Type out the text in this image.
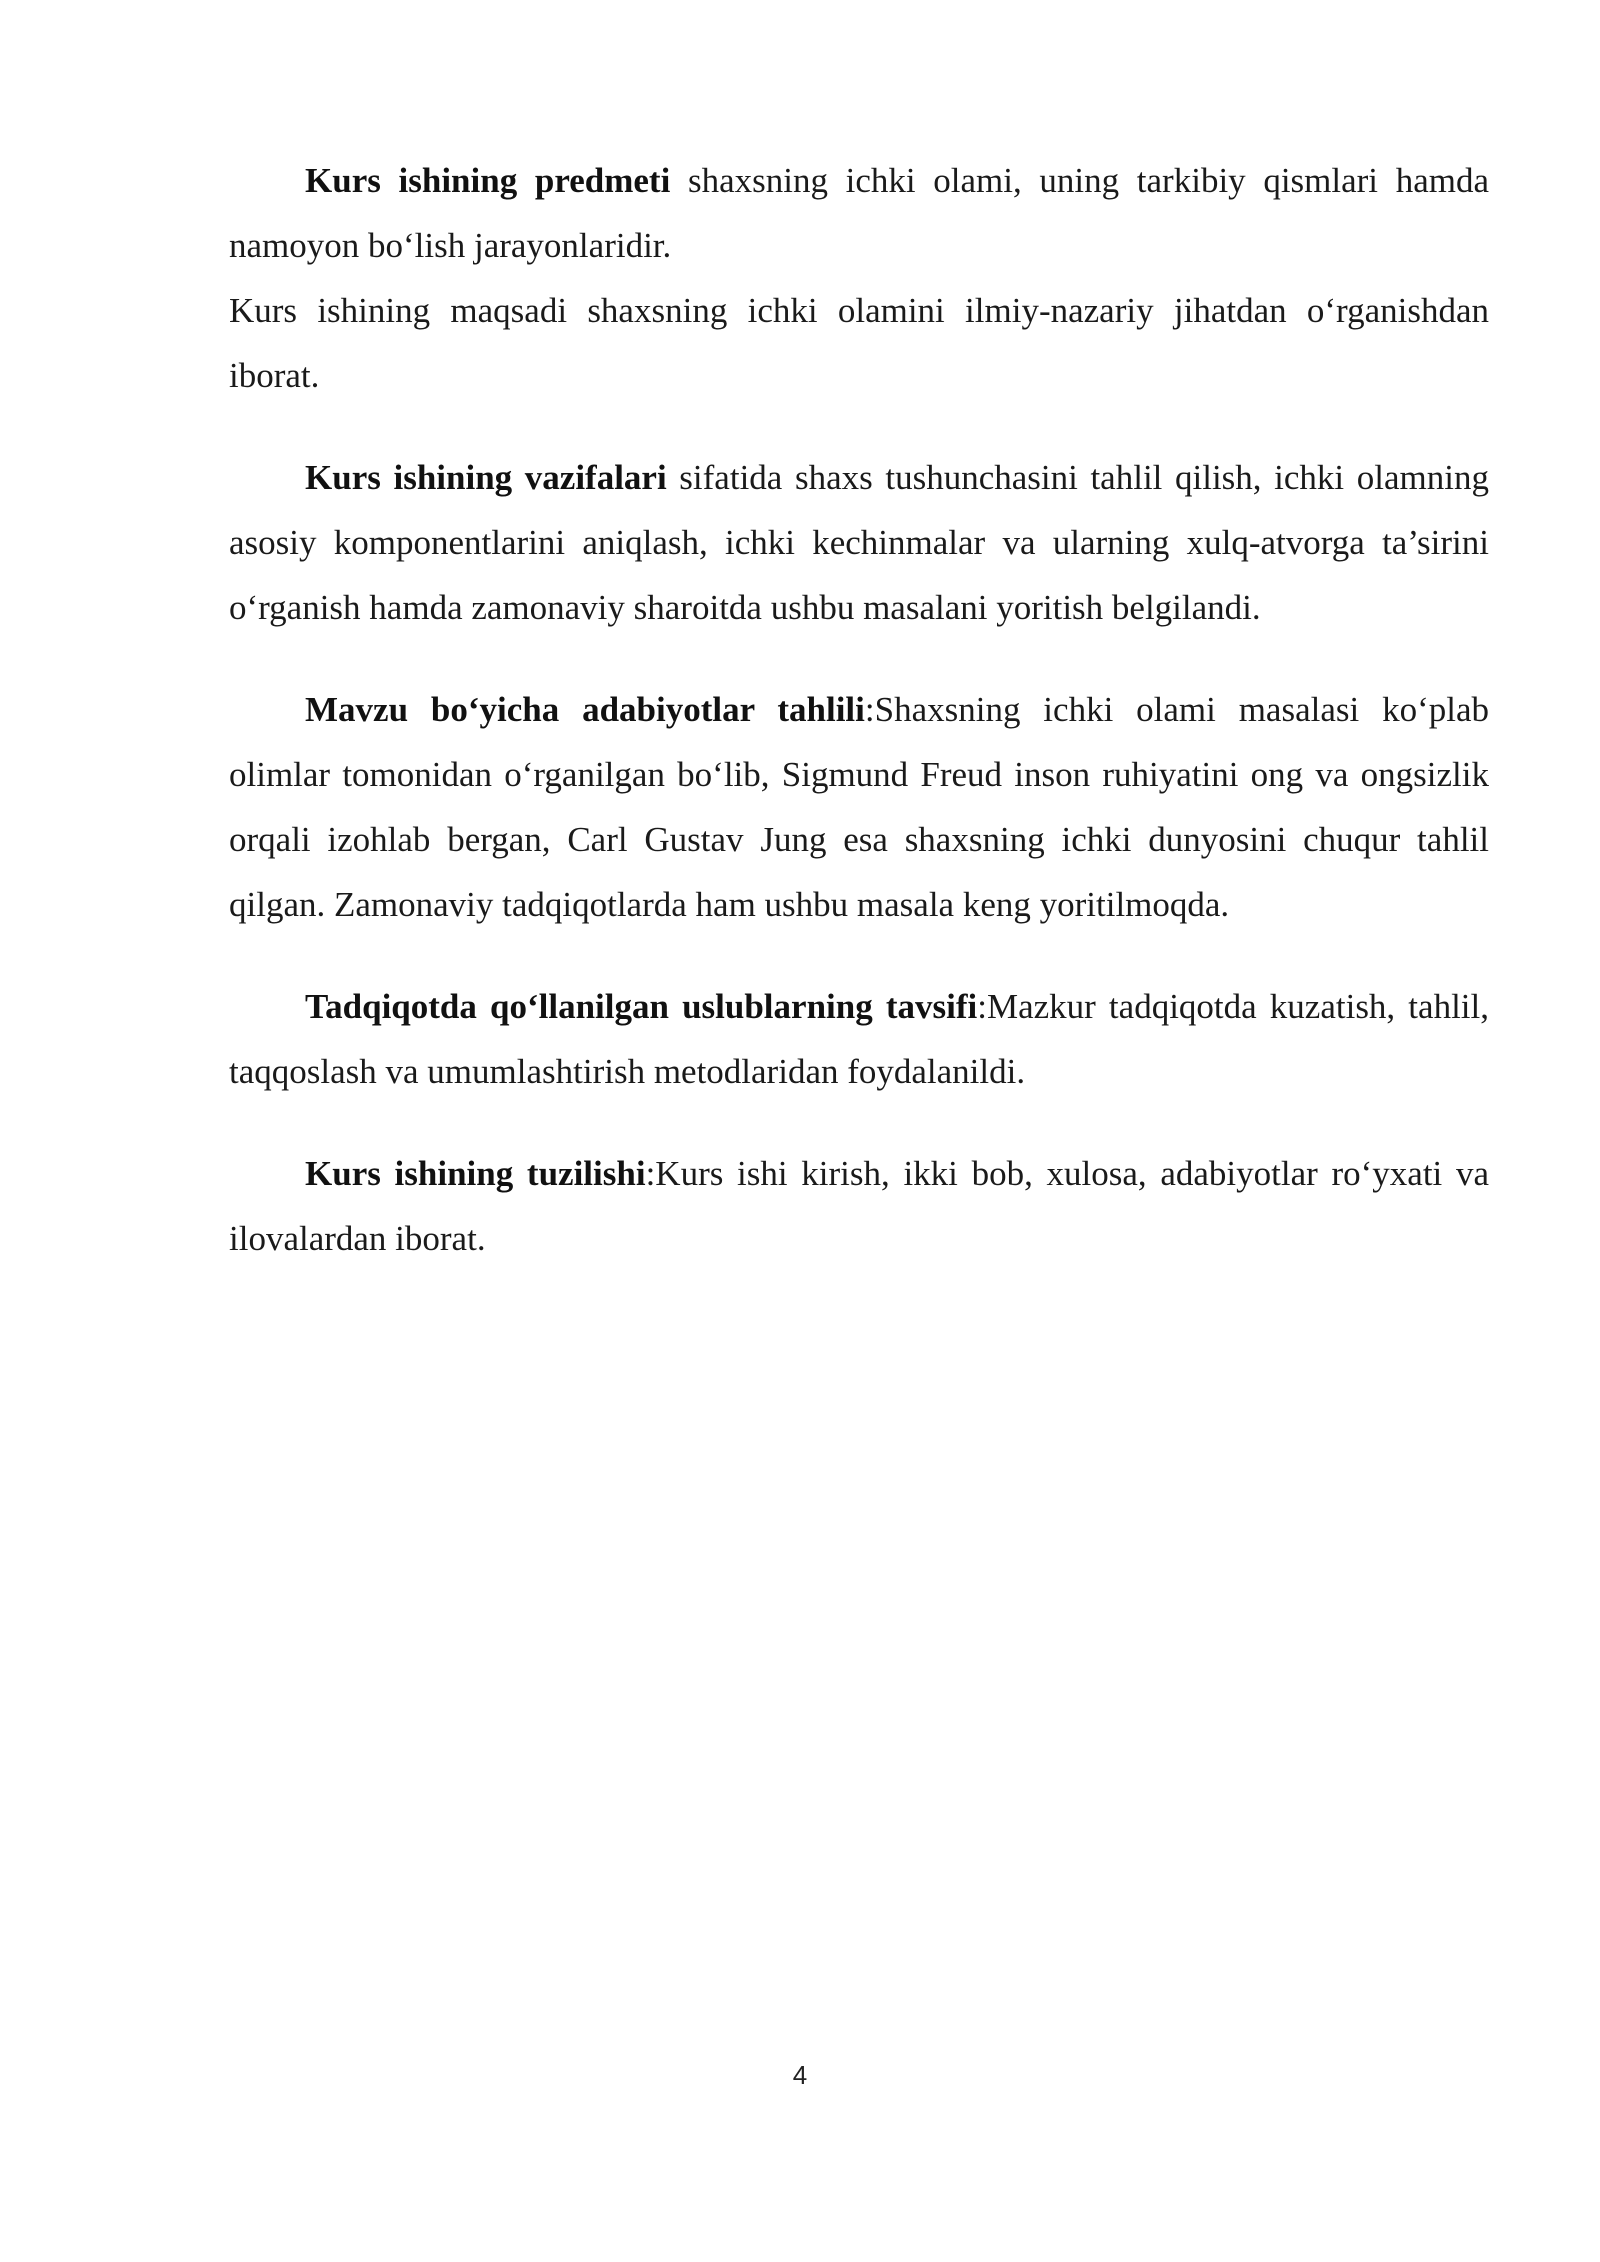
Kurs ishining predmeti shaxsning ichki olami, uning tarkibiy qismlari hamda namoyon bo‘lish jarayonlaridir.

Kurs ishining maqsadi shaxsning ichki olamini ilmiy-nazariy jihatdan o‘rganishdan iborat.

Kurs ishining vazifalari sifatida shaxs tushunchasini tahlil qilish, ichki olamning asosiy komponentlarini aniqlash, ichki kechinmalar va ularning xulq-atvorga ta’sirini o‘rganish hamda zamonaviy sharoitda ushbu masalani yoritish belgilandi.

Mavzu bo‘yicha adabiyotlar tahlili:Shaxsning ichki olami masalasi ko‘plab olimlar tomonidan o‘rganilgan bo‘lib, Sigmund Freud inson ruhiyatini ong va ongsizlik orqali izohlab bergan, Carl Gustav Jung esa shaxsning ichki dunyosini chuqur tahlil qilgan. Zamonaviy tadqiqotlarda ham ushbu masala keng yoritilmoqda.

Tadqiqotda qo‘llanilgan uslublarning tavsifi:Mazkur tadqiqotda kuzatish, tahlil, taqqoslash va umumlashtirish metodlaridan foydalanildi.

Kurs ishining tuzilishi:Kurs ishi kirish, ikki bob, xulosa, adabiyotlar ro‘yxati va ilovalardan iborat.

4
